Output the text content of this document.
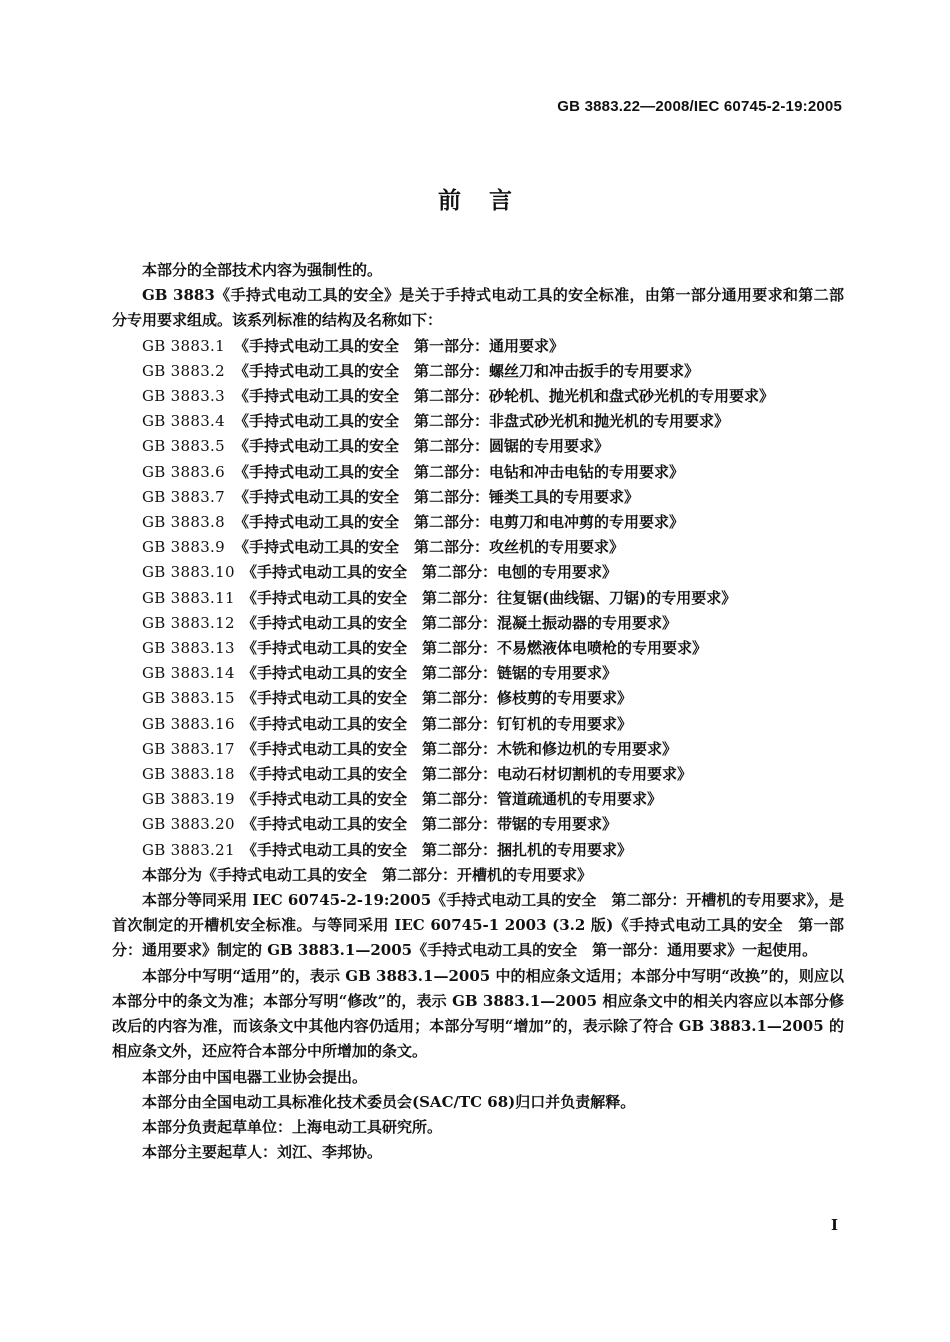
GB 3883.22—2008/IEC 60745-2-19:2005
前言

本部分的全部技术内容为强制性的。

GB 3883《手持式电动工具的安全》是关于手持式电动工具的安全标准，由第一部分通用要求和第二部分专用要求组成。该系列标准的结构及名称如下：

GB 3883.1 《手持式电动工具的安全　第一部分：通用要求》
GB 3883.2 《手持式电动工具的安全　第二部分：螺丝刀和冲击扳手的专用要求》
GB 3883.3 《手持式电动工具的安全　第二部分：砂轮机、抛光机和盘式砂光机的专用要求》
GB 3883.4 《手持式电动工具的安全　第二部分：非盘式砂光机和抛光机的专用要求》
GB 3883.5 《手持式电动工具的安全　第二部分：圆锯的专用要求》
GB 3883.6 《手持式电动工具的安全　第二部分：电钻和冲击电钻的专用要求》
GB 3883.7 《手持式电动工具的安全　第二部分：锤类工具的专用要求》
GB 3883.8 《手持式电动工具的安全　第二部分：电剪刀和电冲剪的专用要求》
GB 3883.9 《手持式电动工具的安全　第二部分：攻丝机的专用要求》
GB 3883.10 《手持式电动工具的安全　第二部分：电刨的专用要求》
GB 3883.11 《手持式电动工具的安全　第二部分：往复锯(曲线锯、刀锯)的专用要求》
GB 3883.12 《手持式电动工具的安全　第二部分：混凝土振动器的专用要求》
GB 3883.13 《手持式电动工具的安全　第二部分：不易燃液体电喷枪的专用要求》
GB 3883.14 《手持式电动工具的安全　第二部分：链锯的专用要求》
GB 3883.15 《手持式电动工具的安全　第二部分：修枝剪的专用要求》
GB 3883.16 《手持式电动工具的安全　第二部分：钉钉机的专用要求》
GB 3883.17 《手持式电动工具的安全　第二部分：木铣和修边机的专用要求》
GB 3883.18 《手持式电动工具的安全　第二部分：电动石材切割机的专用要求》
GB 3883.19 《手持式电动工具的安全　第二部分：管道疏通机的专用要求》
GB 3883.20 《手持式电动工具的安全　第二部分：带锯的专用要求》
GB 3883.21 《手持式电动工具的安全　第二部分：捆扎机的专用要求》

本部分为《手持式电动工具的安全　第二部分：开槽机的专用要求》

本部分等同采用 IEC 60745-2-19:2005《手持式电动工具的安全　第二部分：开槽机的专用要求》，是首次制定的开槽机安全标准。与等同采用 IEC 60745-1 2003 (3.2 版)《手持式电动工具的安全　第一部分：通用要求》制定的 GB 3883.1—2005《手持式电动工具的安全　第一部分：通用要求》一起使用。

本部分中写明“适用”的，表示 GB 3883.1—2005 中的相应条文适用；本部分中写明“改换”的，则应以本部分中的条文为准；本部分写明“修改”的，表示 GB 3883.1—2005 相应条文中的相关内容应以本部分修改后的内容为准，而该条文中其他内容仍适用；本部分写明“增加”的，表示除了符合 GB 3883.1—2005 的相应条文外，还应符合本部分中所增加的条文。

本部分由中国电器工业协会提出。

本部分由全国电动工具标准化技术委员会(SAC/TC 68)归口并负责解释。

本部分负责起草单位：上海电动工具研究所。

本部分主要起草人：刘江、李邦协。

I
